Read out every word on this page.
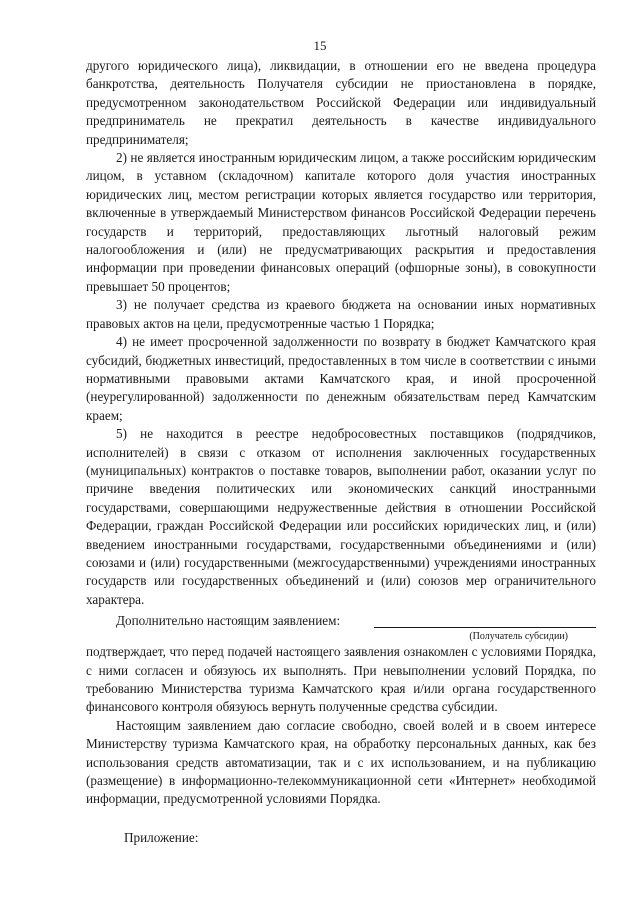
15

другого юридического лица), ликвидации, в отношении его не введена процедура банкротства, деятельность Получателя субсидии не приостановлена в порядке, предусмотренном законодательством Российской Федерации или индивидуальный предприниматель не прекратил деятельность в качестве индивидуального предпринимателя;

2) не является иностранным юридическим лицом, а также российским юридическим лицом, в уставном (складочном) капитале которого доля участия иностранных юридических лиц, местом регистрации которых является государство или территория, включенные в утверждаемый Министерством финансов Российской Федерации перечень государств и территорий, предоставляющих льготный налоговый режим налогообложения и (или) не предусматривающих раскрытия и предоставления информации при проведении финансовых операций (офшорные зоны), в совокупности превышает 50 процентов;

3) не получает средства из краевого бюджета на основании иных нормативных правовых актов на цели, предусмотренные частью 1 Порядка;

4) не имеет просроченной задолженности по возврату в бюджет Камчатского края субсидий, бюджетных инвестиций, предоставленных в том числе в соответствии с иными нормативными правовыми актами Камчатского края, и иной просроченной (неурегулированной) задолженности по денежным обязательствам перед Камчатским краем;

5) не находится в реестре недобросовестных поставщиков (подрядчиков, исполнителей) в связи с отказом от исполнения заключенных государственных (муниципальных) контрактов о поставке товаров, выполнении работ, оказании услуг по причине введения политических или экономических санкций иностранными государствами, совершающими недружественные действия в отношении Российской Федерации, граждан Российской Федерации или российских юридических лиц, и (или) введением иностранными государствами, государственными объединениями и (или) союзами и (или) государственными (межгосударственными) учреждениями иностранных государств или государственных объединений и (или) союзов мер ограничительного характера.

Дополнительно настоящим заявлением:
(Получатель субсидии)

подтверждает, что перед подачей настоящего заявления ознакомлен с условиями Порядка, с ними согласен и обязуюсь их выполнять. При невыполнении условий Порядка, по требованию Министерства туризма Камчатского края и/или органа государственного финансового контроля обязуюсь вернуть полученные средства субсидии.

Настоящим заявлением даю согласие свободно, своей волей и в своем интересе Министерству туризма Камчатского края, на обработку персональных данных, как без использования средств автоматизации, так и с их использованием, и на публикацию (размещение) в информационно-телекоммуникационной сети «Интернет» необходимой информации, предусмотренной условиями Порядка.

Приложение:
